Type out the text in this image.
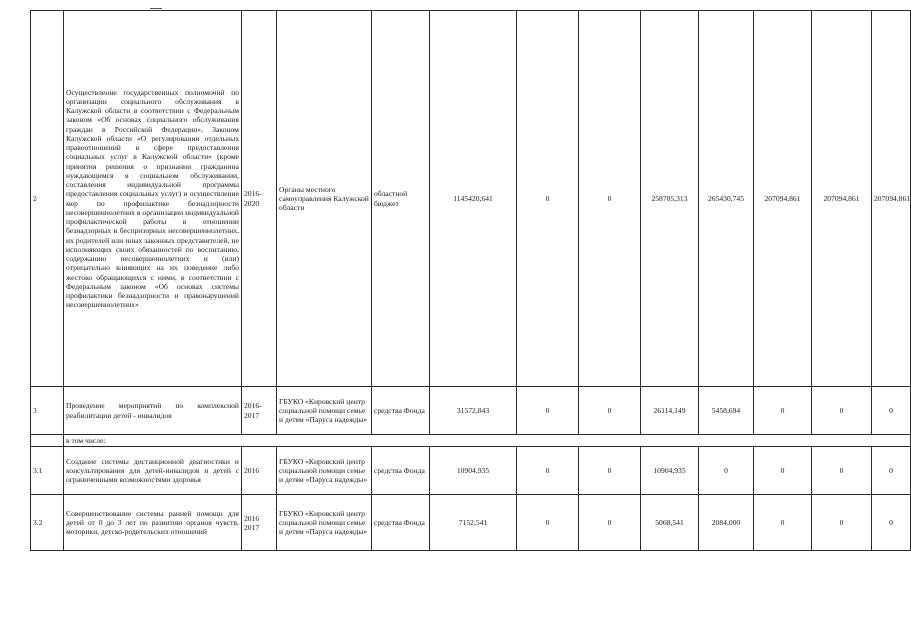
2	Осуществление государственных полномочий по организации социального обслуживания в Калужской области в соответствии с Федеральным законом «Об основах социального обслуживания граждан в Российской Федерации», Законом Калужской области «О регулировании отдельных правоотношений в сфере предоставления социальных услуг в Калужской области» (кроме принятия решения о признании гражданина нуждающимся в социальном обслуживании, составления индивидуальной программы предоставления социальных услуг) и осуществление мер по профилактике безнадзорности несовершеннолетних в организации индивидуальной профилактической работы в отношении безнадзорных и беспризорных несовершеннолетних, их родителей или иных законных представителей, не исполняющих своих обязанностей по воспитанию, содержанию несовершеннолетних и (или) отрицательно влияющих на их поведение либо жестоко обращающихся с ними, в соответствии с Федеральным законом «Об основах системы профилактики безнадзорности и правонарушений несовершеннолетних»	2016-2020	Органы местного самоуправления Калужской области	областной бюджет	1145420,641	0	0	258705,313	265430,745	207094,861	207094,861	207094,861
3	Проведение мероприятий по комплексной реабилитации детей - инвалидов	2016-2017	ГБУКО «Кировский центр социальной помощи семье и детям «Паруса надежды»	средства Фонда	31572,843	0	0	26114,149	5458,694	0	0	0
	в том числе:											
3.1	Создание системы дистанционной диагностики и консультирования для детей-инвалидов и детей с ограниченными возможностями здоровья	2016	ГБУКО «Кировский центр социальной помощи семье и детям «Паруса надежды»	средства Фонда	10904,935	0	0	10904,935	0	0	0	0
3.2	Совершенствование системы ранней помощи для детей от 0 до 3 лет по развитию органов чувств, моторики, детско-родительских отношений	2016 2017	ГБУКО «Кировский центр социальной помощи семье и детям «Паруса надежды»	средства Фонда	7152,541	0	0	5068,541	2084,000	0	0	0
